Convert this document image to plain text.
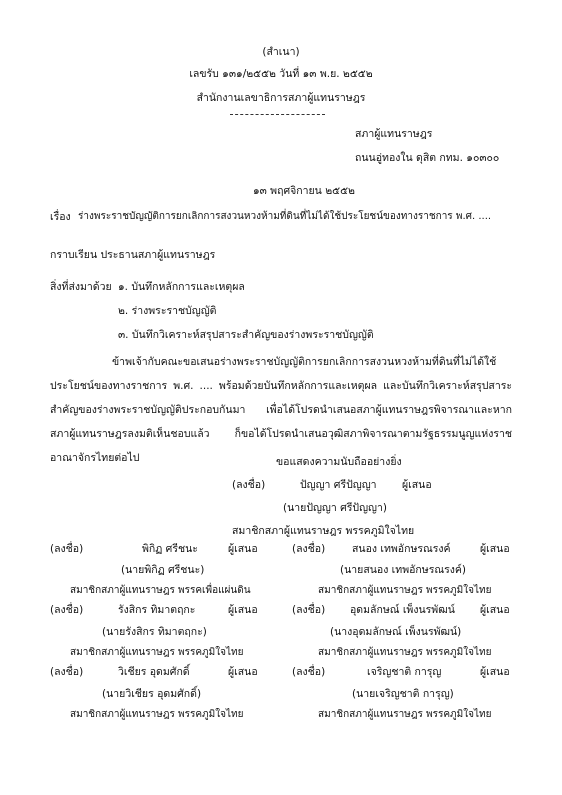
(สำเนา)
เลขรับ ๑๓๑/๒๕๕๒ วันที่ ๑๓ พ.ย. ๒๕๕๒
สำนักงานเลขาธิการสภาผู้แทนราษฎร
สภาผู้แทนราษฎร
ถนนอู่ทองใน ดุสิต กทม. ๑๐๓๐๐
๑๓ พฤศจิกายน ๒๕๕๒
เรื่อง ร่างพระราชบัญญัติการยกเลิกการสงวนหวงห้ามที่ดินที่ไม่ได้ใช้ประโยชน์ของทางราชการ พ.ศ. ....
กราบเรียน ประธานสภาผู้แทนราษฎร
สิ่งที่ส่งมาด้วย ๑. บันทึกหลักการและเหตุผล
๒. ร่างพระราชบัญญัติ
๓. บันทึกวิเคราะห์สรุปสาระสำคัญของร่างพระราชบัญญัติ
ข้าพเจ้ากับคณะขอเสนอร่างพระราชบัญญัติการยกเลิกการสงวนหวงห้ามที่ดินที่ไม่ได้ใช้ประโยชน์ของทางราชการ พ.ศ. .... พร้อมด้วยบันทึกหลักการและเหตุผล และบันทึกวิเคราะห์สรุปสาระสำคัญของร่างพระราชบัญญัติประกอบกันมา เพื่อได้โปรดนำเสนอสภาผู้แทนราษฎรพิจารณาและหากสภาผู้แทนราษฎรลงมติเห็นชอบแล้ว ก็ขอได้โปรดนำเสนอวุฒิสภาพิจารณาตามรัฐธรรมนูญแห่งราชอาณาจักรไทยต่อไป	ขอแสดงความนับถืออย่างยิ่ง
(ลงชื่อ)	ปัญญา ศรีปัญญา ผู้เสนอ
(นายปัญญา ศรีปัญญา)
สมาชิกสภาผู้แทนราษฎร พรรคภูมิใจไทย
(ลงชื่อ)	พิกิฏ ศรีชนะ	ผู้เสนอ	(ลงชื่อ)	สนอง เทพอักษรณรงค์	ผู้เสนอ
(นายพิกิฏ ศรีชนะ)	(นายสนอง เทพอักษรณรงค์)
สมาชิกสภาผู้แทนราษฎร พรรคเพื่อแผ่นดิน	สมาชิกสภาผู้แทนราษฎร พรรคภูมิใจไทย
(ลงชื่อ)	รังสิกร ทิมาตฤกะ	ผู้เสนอ	(ลงชื่อ) อุดมลักษณ์ เพ็งนรพัฒน์ ผู้เสนอ
(นายรังสิกร ทิมาตฤกะ)	(นางอุดมลักษณ์ เพ็งนรพัฒน์)
สมาชิกสภาผู้แทนราษฎร พรรคภูมิใจไทย	สมาชิกสภาผู้แทนราษฎร พรรคภูมิใจไทย
(ลงชื่อ)	วิเชียร อุดมศักดิ์	ผู้เสนอ	(ลงชื่อ)	เจริญชาติ การุญ	ผู้เสนอ
(นายวิเชียร อุดมศักดิ์)	(นายเจริญชาติ การุญ)
สมาชิกสภาผู้แทนราษฎร พรรคภูมิใจไทย	สมาชิกสภาผู้แทนราษฎร พรรคภูมิใจไทย
